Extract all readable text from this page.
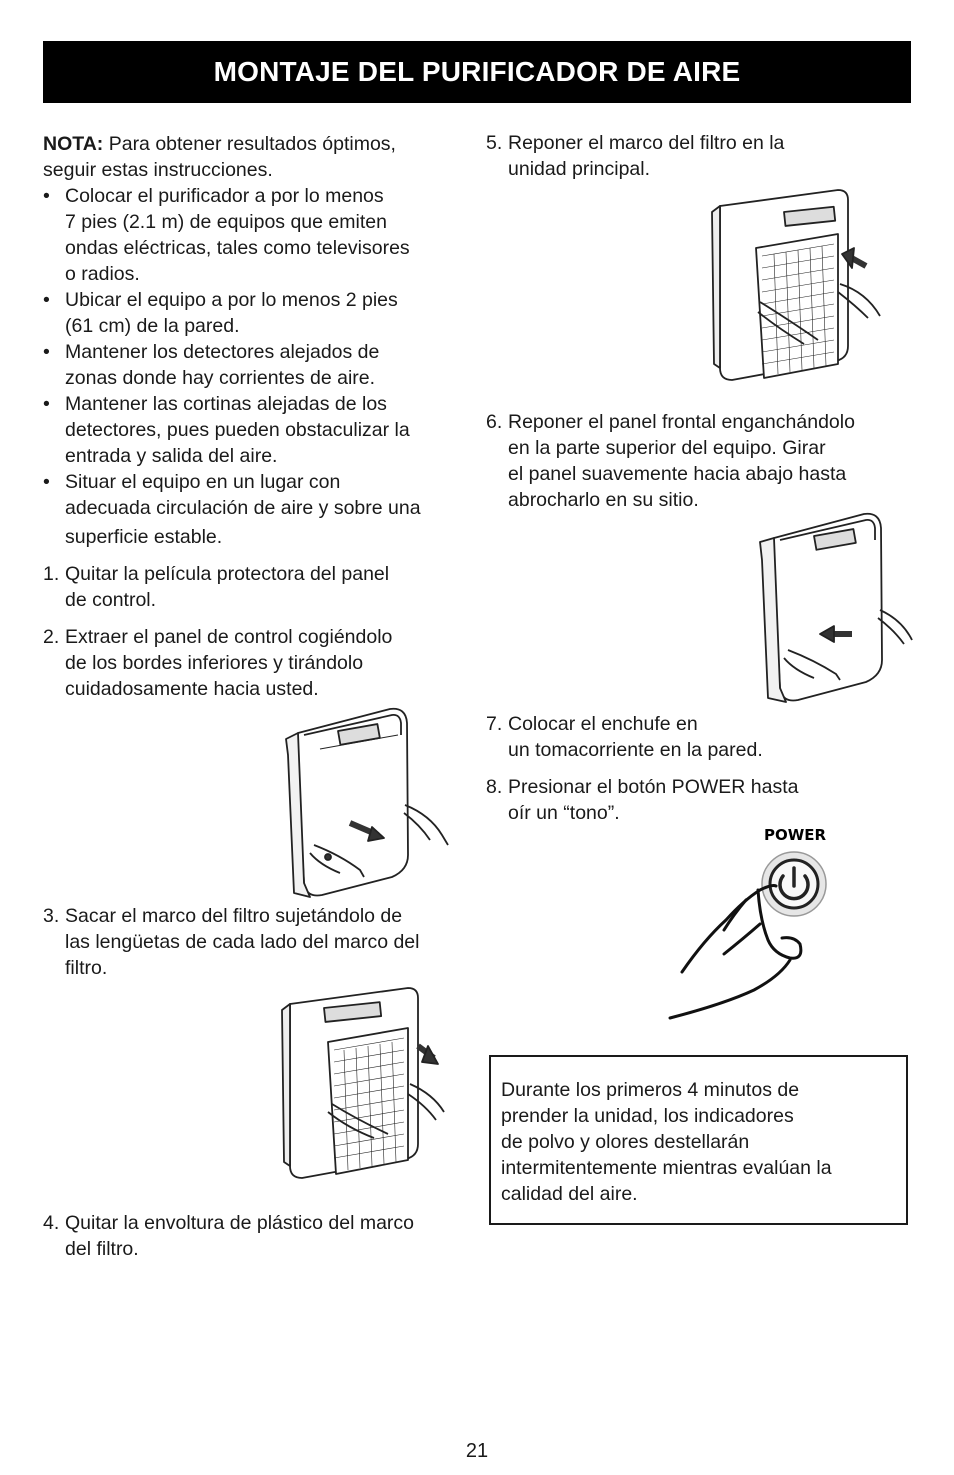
MONTAJE DEL PURIFICADOR DE AIRE
NOTA: Para obtener resultados óptimos,
seguir estas instrucciones.
• Colocar el purificador a por lo menos
7 pies (2.1 m) de equipos que emiten
ondas eléctricas, tales como televisores
o radios.
• Ubicar el equipo a por lo menos 2 pies
(61 cm) de la pared.
• Mantener los detectores alejados de
zonas donde hay corrientes de aire.
• Mantener las cortinas alejadas de los
detectores, pues pueden obstaculizar la
entrada y salida del aire.
• Situar el equipo en un lugar con
adecuada circulación de aire y sobre una
superficie estable.
1. Quitar la película protectora del panel
de control.
2. Extraer el panel de control cogiéndolo
de los bordes inferiores y tirándolo
cuidadosamente hacia usted.
3. Sacar el marco del filtro sujetándolo de
las lengüetas de cada lado del marco del
filtro.
4. Quitar la envoltura de plástico del marco
del filtro.
5. Reponer el marco del filtro en la
unidad principal.
6. Reponer el panel frontal enganchándolo
en la parte superior del equipo. Girar
el panel suavemente hacia abajo hasta
abrocharlo en su sitio.
7. Colocar el enchufe en
un tomacorriente en la pared.
8. Presionar el botón POWER hasta
oír un “tono”.
POWER
Durante los primeros 4 minutos de
prender la unidad, los indicadores
de polvo y olores destellarán
intermitentemente mientras evalúan la
calidad del aire.
21
